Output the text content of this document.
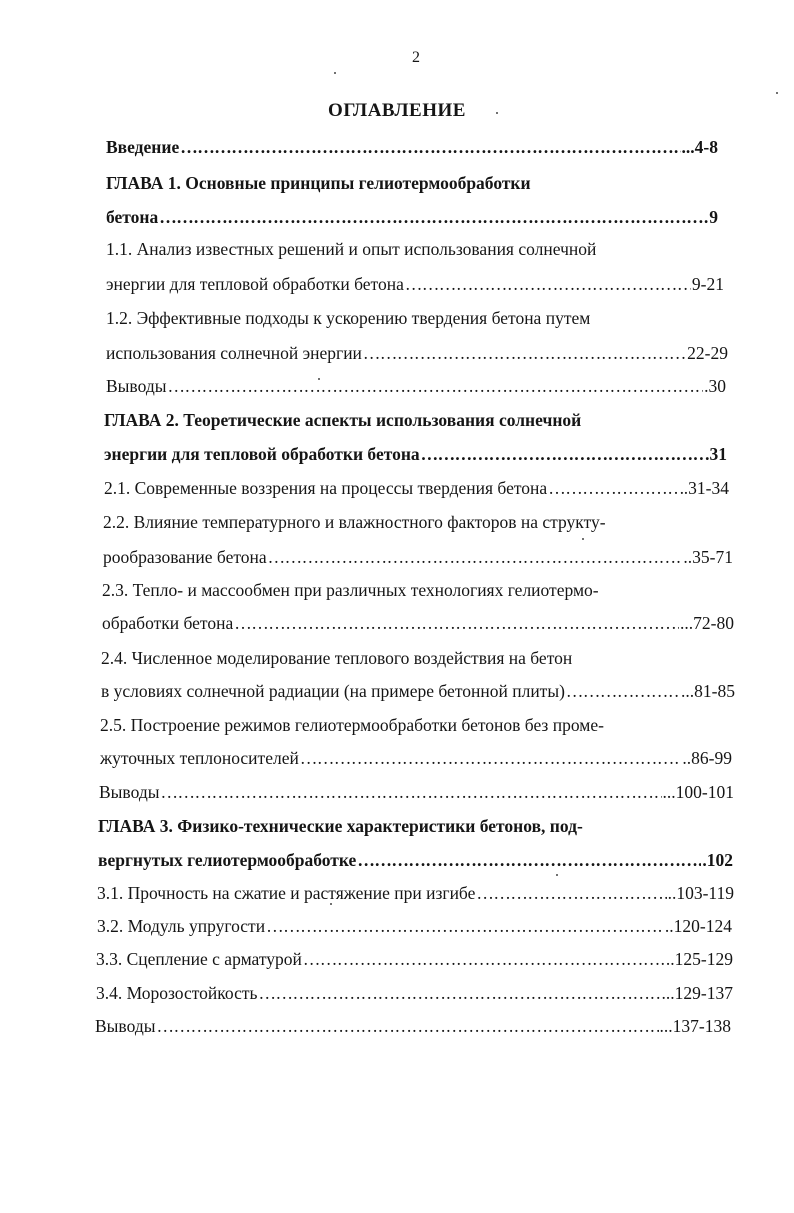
2
ОГЛАВЛЕНИЕ
Введение ………………………………………………………………………………………………………………………………………………………………	...4-8
ГЛАВА 1. Основные принципы гелиотермообработки
бетона ………………………………………………………………………………………………………………………………………………………………	9
1.1. Анализ известных решений и опыт использования солнечной
энергии для тепловой обработки бетона ………………………………………………………………………………………………………………………………………………………………	9-21
1.2. Эффективные подходы к ускорению твердения бетона путем
использования солнечной энергии ………………………………………………………………………………………………………………………………………………………………	22-29
Выводы ………………………………………………………………………………………………………………………………………………………………	.30
ГЛАВА 2. Теоретические аспекты использования солнечной
энергии для тепловой обработки бетона ………………………………………………………………………………………………………………………………………………………………	31
2.1. Современные воззрения на процессы твердения бетона ………………………………………………………………………………………………………………………………………………………………	.31-34
2.2. Влияние температурного и влажностного факторов на структу-
рообразование бетона ………………………………………………………………………………………………………………………………………………………………	..35-71
2.3. Тепло- и массообмен при различных технологиях гелиотермо-
обработки бетона ………………………………………………………………………………………………………………………………………………………………	...72-80
2.4. Численное моделирование теплового воздействия на бетон
в условиях солнечной радиации (на примере бетонной плиты) ………………………………………………………………………………………………………………………………………………………………	...81-85
2.5. Построение режимов гелиотермообработки бетонов без проме-
жуточных теплоносителей ………………………………………………………………………………………………………………………………………………………………	..86-99
Выводы ………………………………………………………………………………………………………………………………………………………………	...100-101
ГЛАВА 3. Физико-технические характеристики бетонов, под-
вергнутых гелиотермообработке ………………………………………………………………………………………………………………………………………………………………	.102
3.1. Прочность на сжатие и растяжение при изгибе ………………………………………………………………………………………………………………………………………………………………	..103-119
3.2. Модуль упругости ………………………………………………………………………………………………………………………………………………………………	..120-124
3.3. Сцепление с арматурой ………………………………………………………………………………………………………………………………………………………………	..125-129
3.4. Морозостойкость ………………………………………………………………………………………………………………………………………………………………	...129-137
Выводы ………………………………………………………………………………………………………………………………………………………………	...137-138
